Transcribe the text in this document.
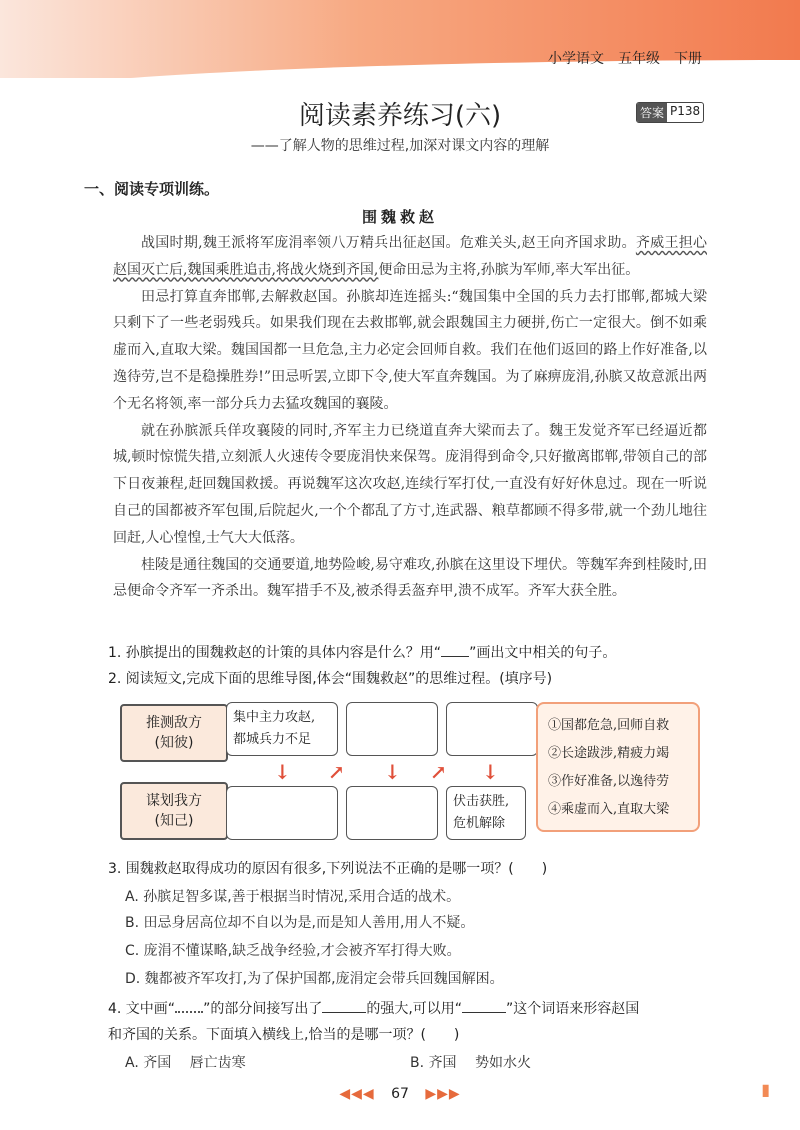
小学语文　五年级　下册
阅读素养练习(六)	答案 P138
——了解人物的思维过程,加深对课文内容的理解
一、阅读专项训练。
围魏救赵

战国时期,魏王派将军庞涓率领八万精兵出征赵国。危难关头,赵王向齐国求助。齐威王担心赵国灭亡后,魏国乘胜追击,将战火烧到齐国,便命田忌为主将,孙膑为军师,率大军出征。

田忌打算直奔邯郸,去解救赵国。孙膑却连连摇头:“魏国集中全国的兵力去打邯郸,都城大梁只剩下了一些老弱残兵。如果我们现在去救邯郸,就会跟魏国主力硬拼,伤亡一定很大。倒不如乘虚而入,直取大梁。魏国国都一旦危急,主力必定会回师自救。我们在他们返回的路上作好准备,以逸待劳,岂不是稳操胜券!”田忌听罢,立即下令,使大军直奔魏国。为了麻痹庞涓,孙膑又故意派出两个无名将领,率一部分兵力去猛攻魏国的襄陵。

就在孙膑派兵佯攻襄陵的同时,齐军主力已绕道直奔大梁而去了。魏王发觉齐军已经逼近都城,顿时惊慌失措,立刻派人火速传令要庞涓快来保驾。庞涓得到命令,只好撤离邯郸,带领自己的部下日夜兼程,赶回魏国救援。再说魏军这次攻赵,连续行军打仗,一直没有好好休息过。现在一听说自己的国都被齐军包围,后院起火,一个个都乱了方寸,连武器、粮草都顾不得多带,就一个劲儿地往回赶,人心惶惶,士气大大低落。

桂陵是通往魏国的交通要道,地势险峻,易守难攻,孙膑在这里设下埋伏。等魏军奔到桂陵时,田忌便命令齐军一齐杀出。魏军措手不及,被杀得丢盔弃甲,溃不成军。齐军大获全胜。

1. 孙膑提出的围魏救赵的计策的具体内容是什么？用“ ”画出文中相关的句子。
2. 阅读短文,完成下面的思维导图,体会“围魏救赵”的思维过程。(填序号)
推测敌方
(知彼)
谋划我方
(知己)
集中主力攻赵,
都城兵力不足
伏击获胜,
危机解除
↓ ↗ ↓ ↗ ↓
①国都危急,回师自救
②长途跋涉,精疲力竭
③作好准备,以逸待劳
④乘虚而入,直取大梁
3. 围魏救赵取得成功的原因有很多,下列说法不正确的是哪一项？(　　)
A. 孙膑足智多谋,善于根据当时情况,采用合适的战术。
B. 田忌身居高位却不自以为是,而是知人善用,用人不疑。
C. 庞涓不懂谋略,缺乏战争经验,才会被齐军打得大败。
D. 魏都被齐军攻打,为了保护国都,庞涓定会带兵回魏国解困。
4. 文中画“ ”的部分间接写出了	的强大,可以用“	”这个词语来形容赵国
和齐国的关系。下面填入横线上,恰当的是哪一项？(　　)
A. 齐国　 唇亡齿寒	B. 齐国　 势如水火
◀◀◀ 67 ▶▶▶	▮
